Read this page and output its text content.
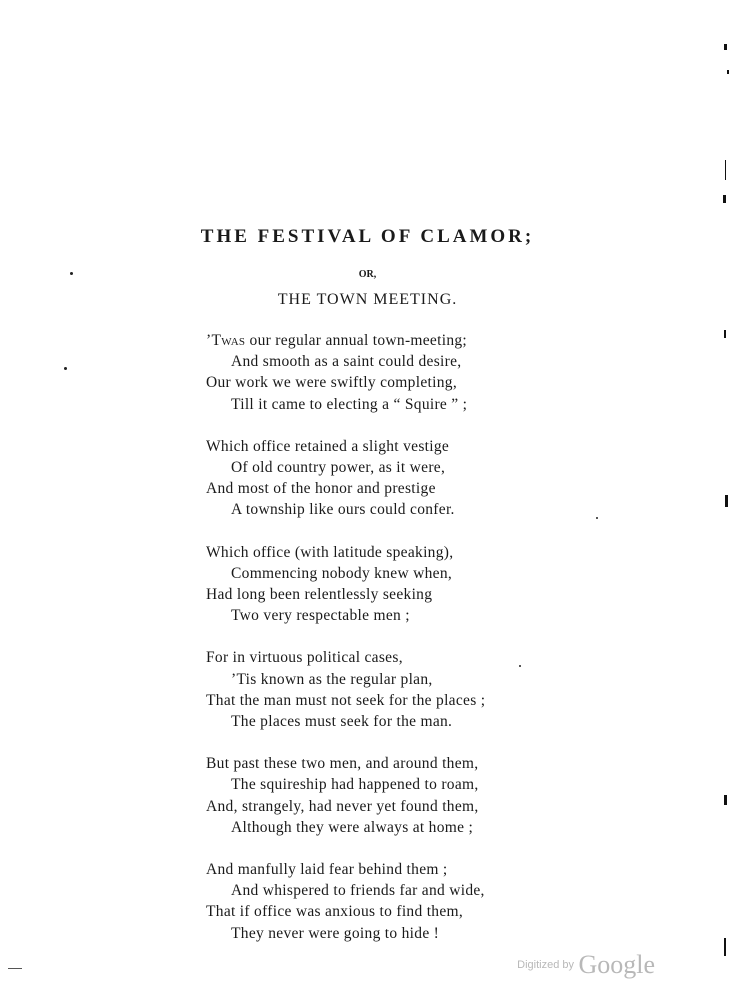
THE FESTIVAL OF CLAMOR;
OR,
THE TOWN MEETING.
’Twas our regular annual town-meeting;
And smooth as a saint could desire,
Our work we were swiftly completing,
Till it came to electing a “ Squire ” ;
Which office retained a slight vestige
Of old country power, as it were,
And most of the honor and prestige
A township like ours could confer.
Which office (with latitude speaking),
Commencing nobody knew when,
Had long been relentlessly seeking
Two very respectable men ;
For in virtuous political cases,
’Tis known as the regular plan,
That the man must not seek for the places ;
The places must seek for the man.
But past these two men, and around them,
The squireship had happened to roam,
And, strangely, had never yet found them,
Although they were always at home ;
And manfully laid fear behind them ;
And whispered to friends far and wide,
That if office was anxious to find them,
They never were going to hide !
Digitized by Google
